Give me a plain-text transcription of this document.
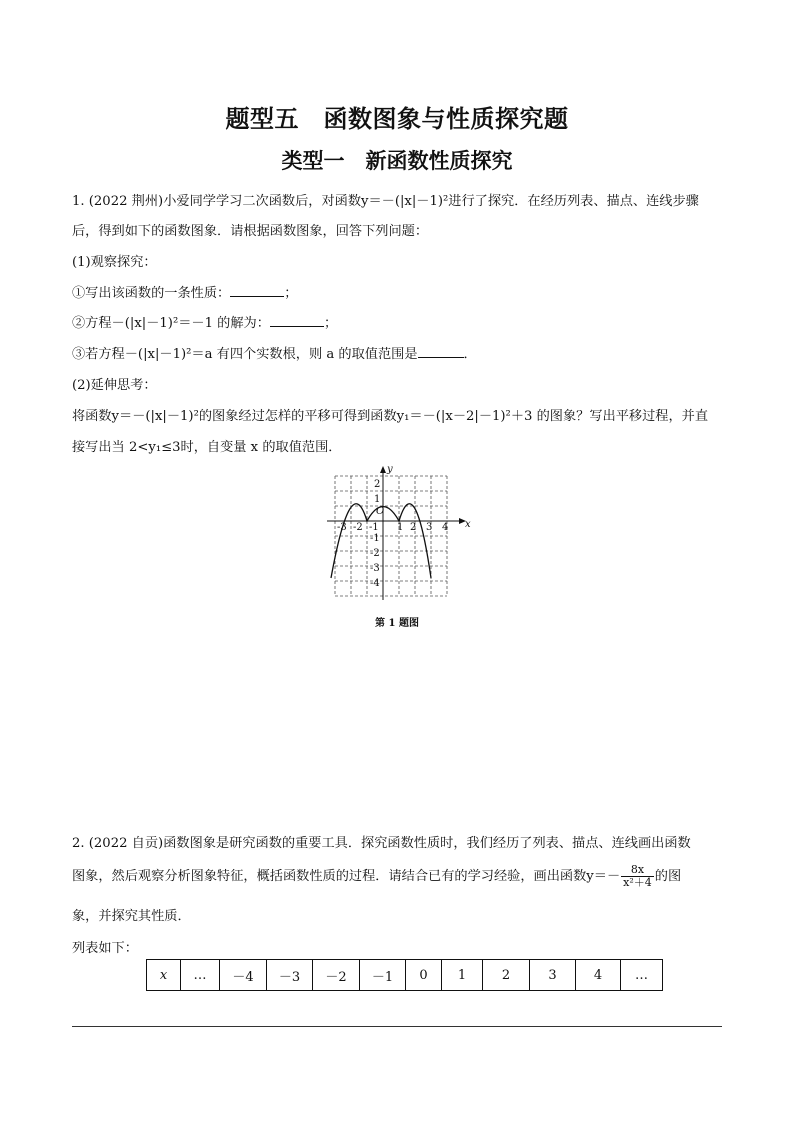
题型五　函数图象与性质探究题
类型一　新函数性质探究
1. (2022 荆州)小爱同学学习二次函数后，对函数y＝－(|x|－1)²进行了探究．在经历列表、描点、连线步骤
后，得到如下的函数图象．请根据函数图象，回答下列问题：
(1)观察探究：
①写出该函数的一条性质：	；
②方程－(|x|－1)²＝－1 的解为：	；
③若方程－(|x|－1)²＝a 有四个实数根，则 a 的取值范围是	．
(2)延伸思考：
将函数y＝－(|x|－1)²的图象经过怎样的平移可得到函数y₁＝－(|x－2|－1)²＋3 的图象？写出平移过程，并直
接写出当 2<y₁≤3时，自变量 x 的取值范围．
x
y
O
-3 -2 -1 1 2 3 4
2
1
-1
-2
-3
-4
第 1 题图
2. (2022 自贡)函数图象是研究函数的重要工具．探究函数性质时，我们经历了列表、描点、连线画出函数
图象，然后观察分析图象特征，概括函数性质的过程．请结合已有的学习经验，画出函数$y=- \frac{8x}{\text{x²＋4}}$ 的图
象，并探究其性质．
列表如下：
x	…	－4	－3	－2	－1	0	1	2	3	4	…
